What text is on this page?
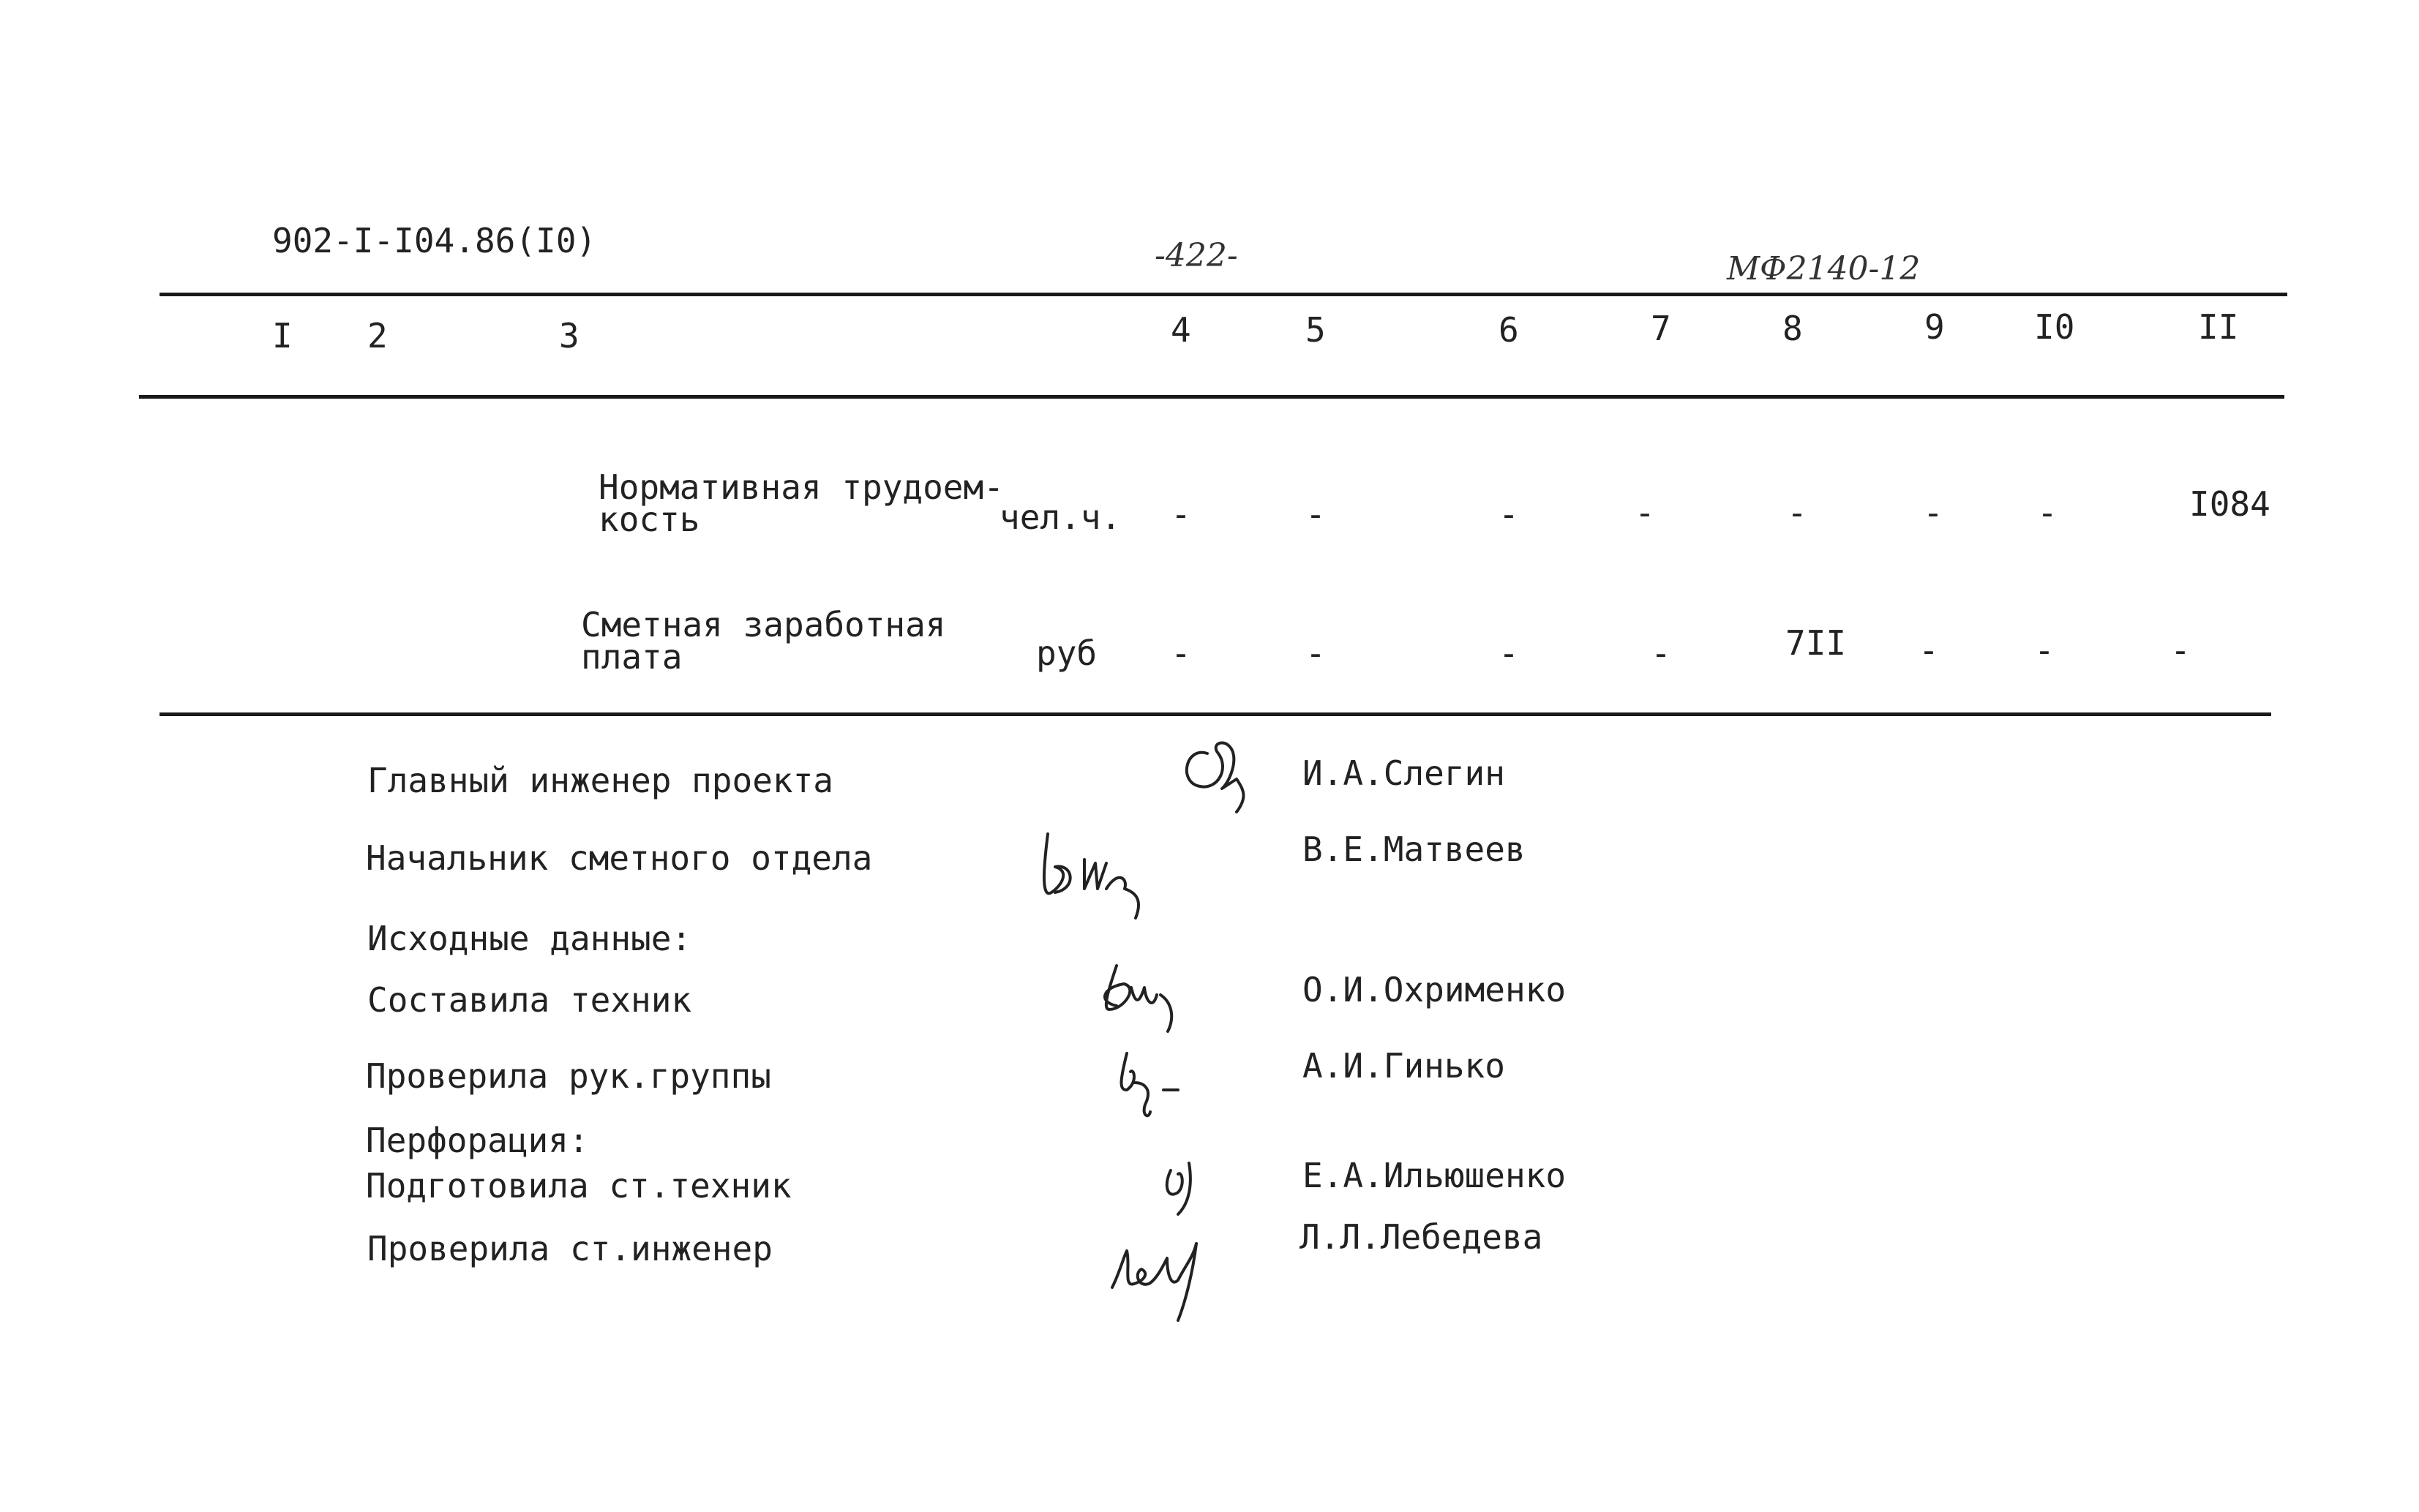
902-I-I04.86(I0)	-422-	МФ2140-12
I 2	3	4	5	6	7	8	9	I0	II
Нормативная трудоем-
кость	чел.ч.	-	-	-	-	-	-	-	I084
Сметная заработная
плата	руб	-	-	-	-	7II	-	-	-
Главный инженер проекта	И.А.Слегин
Начальник сметного отдела	В.Е.Матвеев
Исходные данные:
Составила техник	О.И.Охрименко
Проверила рук.группы	А.И.Гинько
Перфорация:
Подготовила ст.техник	Е.А.Ильюшенко
Проверила ст.инженер	Л.Л.Лебедева
